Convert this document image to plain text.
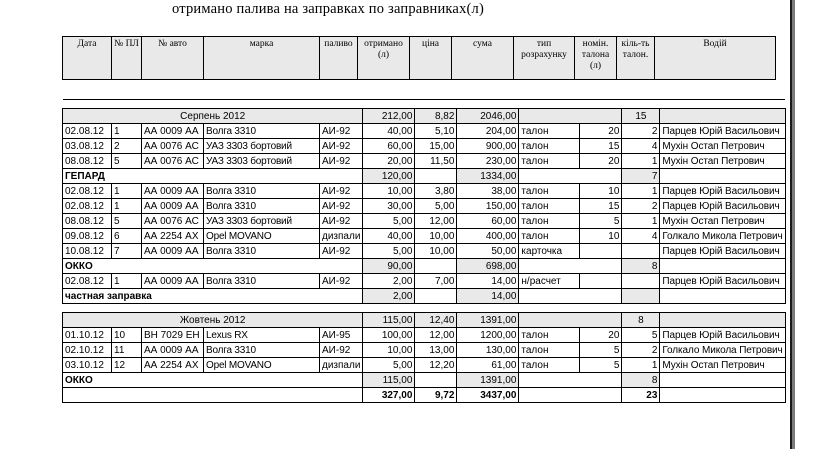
отримано палива на заправках по заправниках(л)
Дата	№ ПЛ	№ авто	марка	паливо	отримано (л)	ціна	сума	тип розрахунку	номін. талона (л)	кіль-ть талон.	Водій

Серпень 2012					212,00	8,82	2046,00			15	
02.08.12	1	АА 0009 АА	Волга 3310	АИ-92	40,00	5,10	204,00	талон	20	2	Парцев Юрій Васильович
03.08.12	2	АА 0076 АС	УАЗ 3303 бортовий	АИ-92	60,00	15,00	900,00	талон	15	4	Мухін Остап Петрович
08.08.12	5	АА 0076 АС	УАЗ 3303 бортовий	АИ-92	20,00	11,50	230,00	талон	20	1	Мухін Остап Петрович
ГЕПАРД					120,00		1334,00			7	
02.08.12	1	АА 0009 АА	Волга 3310	АИ-92	10,00	3,80	38,00	талон	10	1	Парцев Юрій Васильович
02.08.12	1	АА 0009 АА	Волга 3310	АИ-92	30,00	5,00	150,00	талон	15	2	Парцев Юрій Васильович
08.08.12	5	АА 0076 АС	УАЗ 3303 бортовий	АИ-92	5,00	12,00	60,00	талон	5	1	Мухін Остап Петрович
09.08.12	6	АА 2254 АХ	Opel MOVANO	дизпали	40,00	10,00	400,00	талон	10	4	Голкало Микола Петрович
10.08.12	7	АА 0009 АА	Волга 3310	АИ-92	5,00	10,00	50,00	карточка			Парцев Юрій Васильович
ОККО					90,00		698,00			8	
02.08.12	1	АА 0009 АА	Волга 3310	АИ-92	2,00	7,00	14,00	н/расчет			Парцев Юрій Васильович
частная заправка					2,00		14,00				

Жовтень 2012					115,00	12,40	1391,00			8	
01.10.12	10	ВН 7029 ЕН	Lexus RX	АИ-95	100,00	12,00	1200,00	талон	20	5	Парцев Юрій Васильович
02.10.12	11	АА 0009 АА	Волга 3310	АИ-92	10,00	13,00	130,00	талон	5	2	Голкало Микола Петрович
03.10.12	12	АА 2254 АХ	Opel MOVANO	дизпали	5,00	12,20	61,00	талон	5	1	Мухін Остап Петрович
ОККО					115,00		1391,00			8	
					327,00	9,72	3437,00			23	
